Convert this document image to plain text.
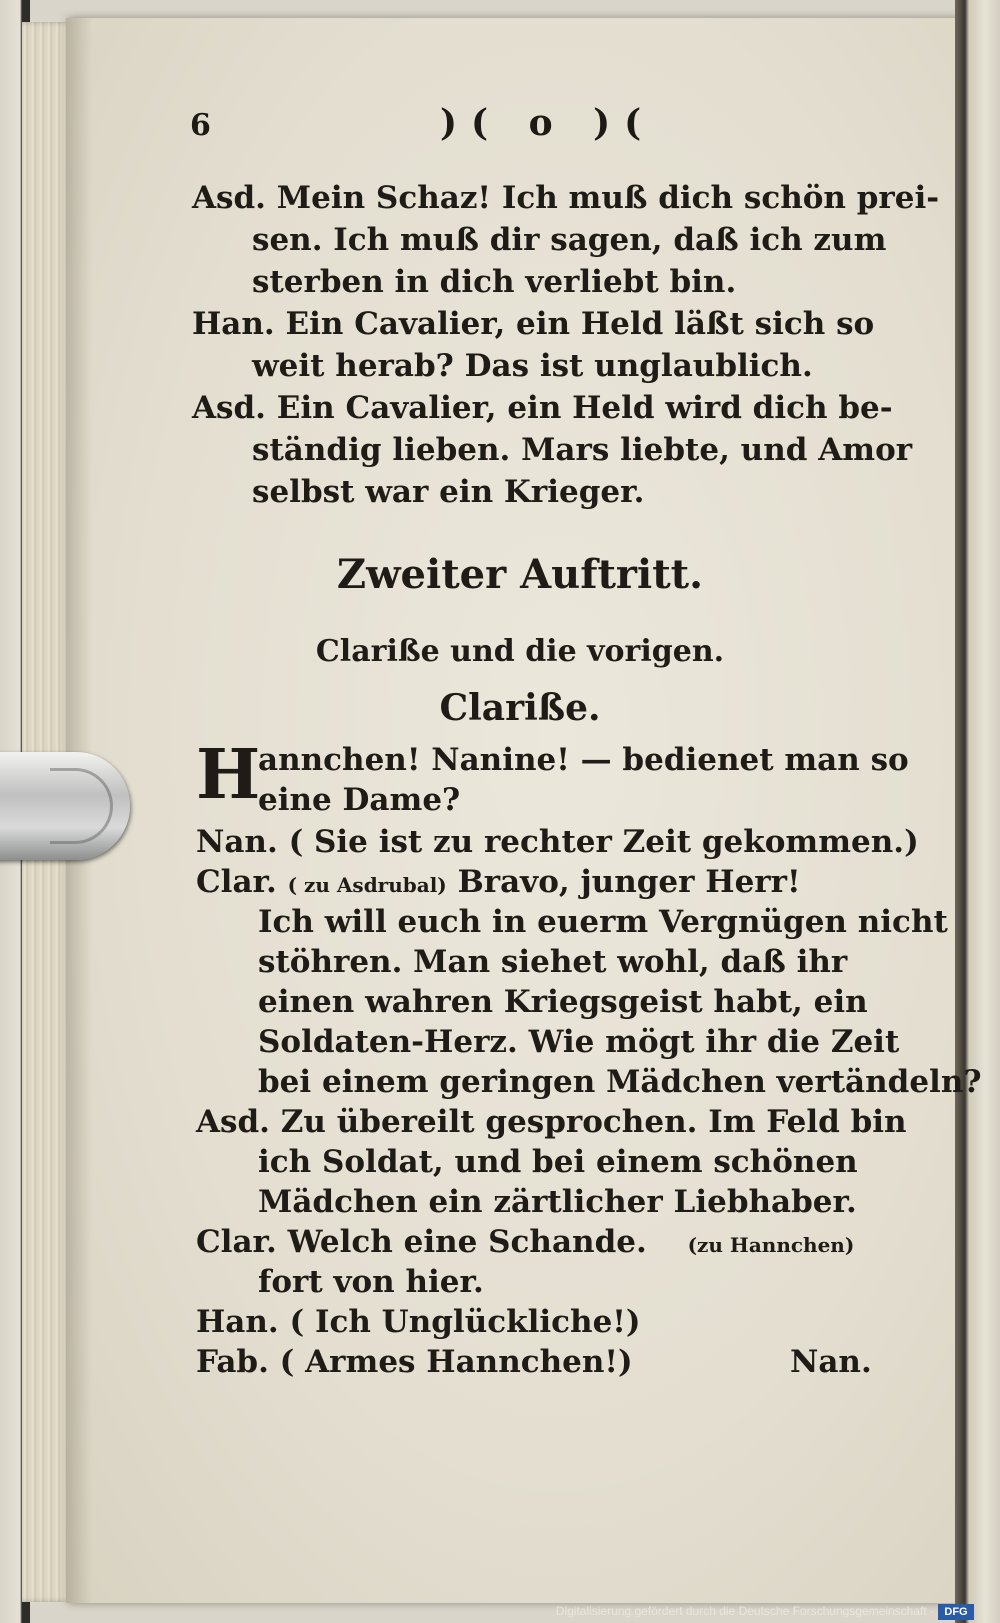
6	)( o )(
Asd. Mein Schaz! Ich muß dich schön prei-
sen. Ich muß dir sagen, daß ich zum
sterben in dich verliebt bin.
Han. Ein Cavalier, ein Held läßt sich so
weit herab? Das ist unglaublich.
Asd. Ein Cavalier, ein Held wird dich be-
ständig lieben. Mars liebte, und Amor
selbst war ein Krieger.
Zweiter Auftritt.
Clariße und die vorigen.
Clariße.
H
annchen! Nanine! — bedienet man so
eine Dame?
Nan. ( Sie ist zu rechter Zeit gekommen.)
Clar. ( zu Asdrubal) Bravo, junger Herr!
Ich will euch in euerm Vergnügen nicht
stöhren. Man siehet wohl, daß ihr
einen wahren Kriegsgeist habt, ein
Soldaten-Herz. Wie mögt ihr die Zeit
bei einem geringen Mädchen vertändeln?
Asd. Zu übereilt gesprochen. Im Feld bin
ich Soldat, und bei einem schönen
Mädchen ein zärtlicher Liebhaber.
Clar. Welch eine Schande. (zu Hannchen)
fort von hier.
Han. ( Ich Unglückliche!)
Fab. ( Armes Hannchen!)	Nan.
Digitalisierung gefördert durch die Deutsche Forschungsgemeinschaft - DFG
